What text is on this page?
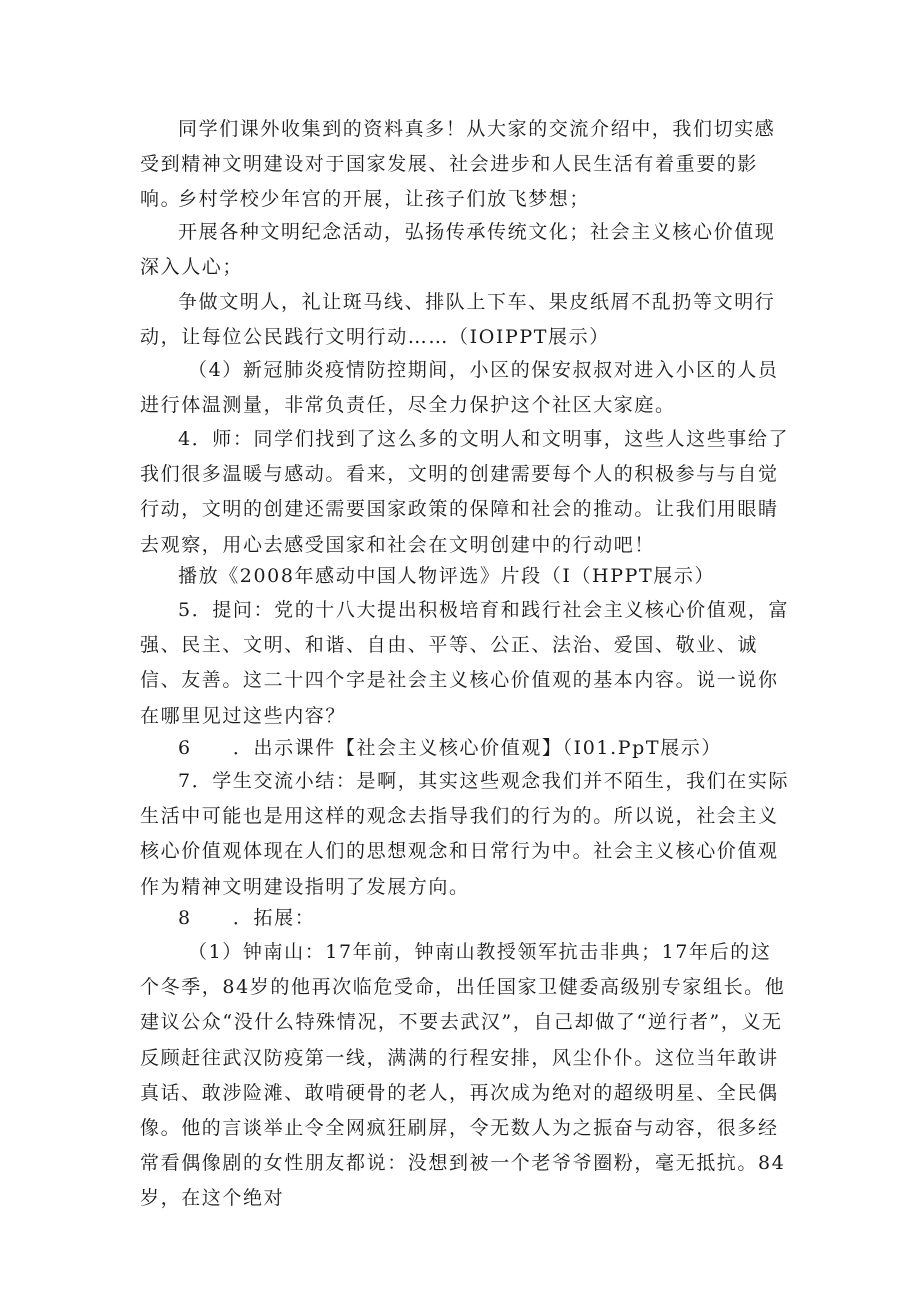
同学们课外收集到的资料真多！从大家的交流介绍中，我们切实感受到精神文明建设对于国家发展、社会进步和人民生活有着重要的影响。

乡村学校少年宫的开展，让孩子们放飞梦想；

开展各种文明纪念活动，弘扬传承传统文化；社会主义核心价值现深入人心；

争做文明人，礼让斑马线、排队上下车、果皮纸屑不乱扔等文明行动，让每位公民践行文明行动……（IOIPPT展示）

（4）新冠肺炎疫情防控期间，小区的保安叔叔对进入小区的人员进行体温测量，非常负责任，尽全力保护这个社区大家庭。

4．师：同学们找到了这么多的文明人和文明事，这些人这些事给了我们很多温暖与感动。看来，文明的创建需要每个人的积极参与与自觉行动，文明的创建还需要国家政策的保障和社会的推动。让我们用眼睛去观察，用心去感受国家和社会在文明创建中的行动吧！

播放《2008年感动中国人物评选》片段（I（HPPT展示）

5．提问：党的十八大提出积极培育和践行社会主义核心价值观，富强、民主、文明、和谐、自由、平等、公正、法治、爱国、敬业、诚信、友善。这二十四个字是社会主义核心价值观的基本内容。说一说你在哪里见过这些内容？

6　　．出示课件【社会主义核心价值观】（I01.PpT展示）

7．学生交流小结：是啊，其实这些观念我们并不陌生，我们在实际生活中可能也是用这样的观念去指导我们的行为的。所以说，社会主义核心价值观体现在人们的思想观念和日常行为中。社会主义核心价值观作为精神文明建设指明了发展方向。

8　　．拓展：

（1）钟南山：17年前，钟南山教授领军抗击非典；17年后的这个冬季，84岁的他再次临危受命，出任国家卫健委高级别专家组长。他建议公众“没什么特殊情况，不要去武汉”，自己却做了“逆行者”，义无反顾赶往武汉防疫第一线，满满的行程安排，风尘仆仆。这位当年敢讲真话、敢涉险滩、敢啃硬骨的老人，再次成为绝对的超级明星、全民偶像。他的言谈举止令全网疯狂刷屏，令无数人为之振奋与动容，很多经常看偶像剧的女性朋友都说：没想到被一个老爷爷圈粉，毫无抵抗。84岁，在这个绝对
